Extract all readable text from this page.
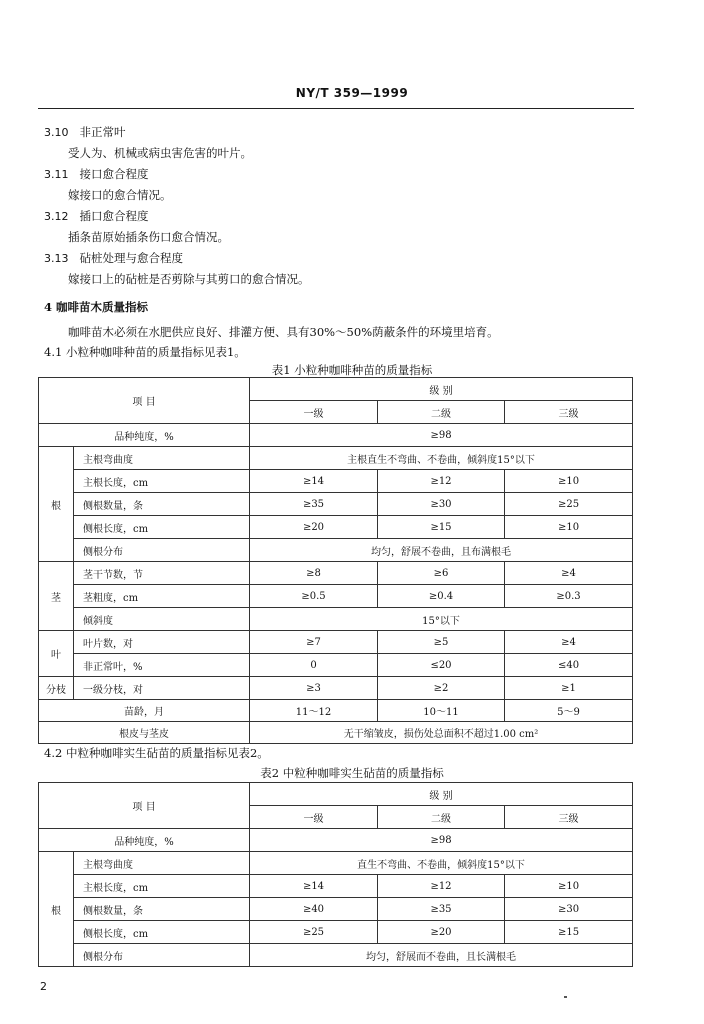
NY/T 359—1999
3.10 非正常叶
受人为、机械或病虫害危害的叶片。
3.11 接口愈合程度
嫁接口的愈合情况。
3.12 插口愈合程度
插条苗原始插条伤口愈合情况。
3.13 砧桩处理与愈合程度
嫁接口上的砧桩是否剪除与其剪口的愈合情况。
4 咖啡苗木质量指标
咖啡苗木必须在水肥供应良好、排灌方便、具有30%～50%荫蔽条件的环境里培育。
4.1 小粒种咖啡种苗的质量指标见表1。
表1 小粒种咖啡种苗的质量指标
项 目		级 别		
		一级	二级	三级
品种纯度，%		≥98		
根	主根弯曲度	主根直生不弯曲、不卷曲，倾斜度15°以下		
	主根长度，cm	≥14	≥12	≥10
	侧根数量，条	≥35	≥30	≥25
	侧根长度，cm	≥20	≥15	≥10
	侧根分布	均匀，舒展不卷曲，且布满根毛		
茎	茎干节数，节	≥8	≥6	≥4
	茎粗度，cm	≥0.5	≥0.4	≥0.3
	倾斜度	15°以下		
叶	叶片数，对	≥7	≥5	≥4
	非正常叶，%	0	≤20	≤40
分枝	一级分枝，对	≥3	≥2	≥1
苗龄，月		11～12	10～11	5～9
根皮与茎皮		无干缩皱皮，损伤处总面积不超过1.00 cm²		
4.2 中粒种咖啡实生砧苗的质量指标见表2。
表2 中粒种咖啡实生砧苗的质量指标
项 目		级 别		
		一级	二级	三级
品种纯度，%		≥98		
根	主根弯曲度	直生不弯曲、不卷曲，倾斜度15°以下		
	主根长度，cm	≥14	≥12	≥10
	侧根数量，条	≥40	≥35	≥30
	侧根长度，cm	≥25	≥20	≥15
	侧根分布	均匀，舒展而不卷曲，且长满根毛		
2
